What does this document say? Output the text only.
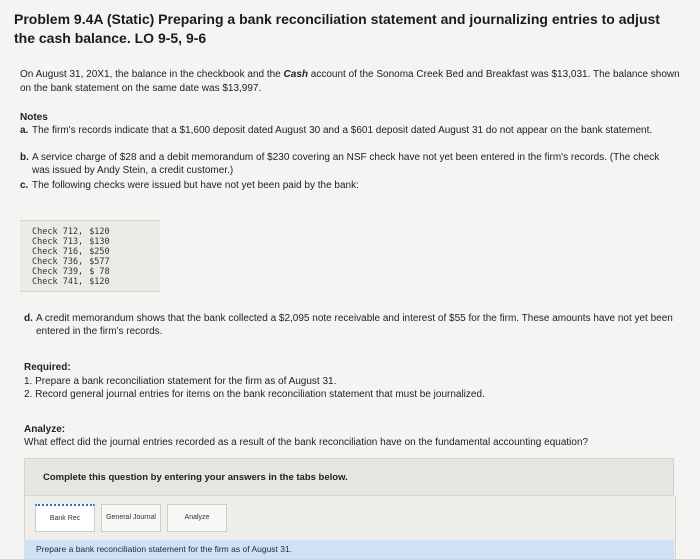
Problem 9.4A (Static) Preparing a bank reconciliation statement and journalizing entries to adjust the cash balance. LO 9-5, 9-6
On August 31, 20X1, the balance in the checkbook and the Cash account of the Sonoma Creek Bed and Breakfast was $13,031. The balance shown on the bank statement on the same date was $13,997.
Notes
a. The firm's records indicate that a $1,600 deposit dated August 30 and a $601 deposit dated August 31 do not appear on the bank statement.
b. A service charge of $28 and a debit memorandum of $230 covering an NSF check have not yet been entered in the firm's records. (The check was issued by Andy Stein, a credit customer.)
c. The following checks were issued but have not yet been paid by the bank:
Check 712,	$120
Check 713,	$130
Check 716,	$250
Check 736,	$577
Check 739,	$ 78
Check 741,	$120
d. A credit memorandum shows that the bank collected a $2,095 note receivable and interest of $55 for the firm. These amounts have not yet been entered in the firm's records.
Required:
1. Prepare a bank reconciliation statement for the firm as of August 31.
2. Record general journal entries for items on the bank reconciliation statement that must be journalized.
Analyze:
What effect did the journal entries recorded as a result of the bank reconciliation have on the fundamental accounting equation?
Complete this question by entering your answers in the tabs below.
Bank Rec	General Journal	Analyze
Prepare a bank reconciliation statement for the firm as of August 31.
